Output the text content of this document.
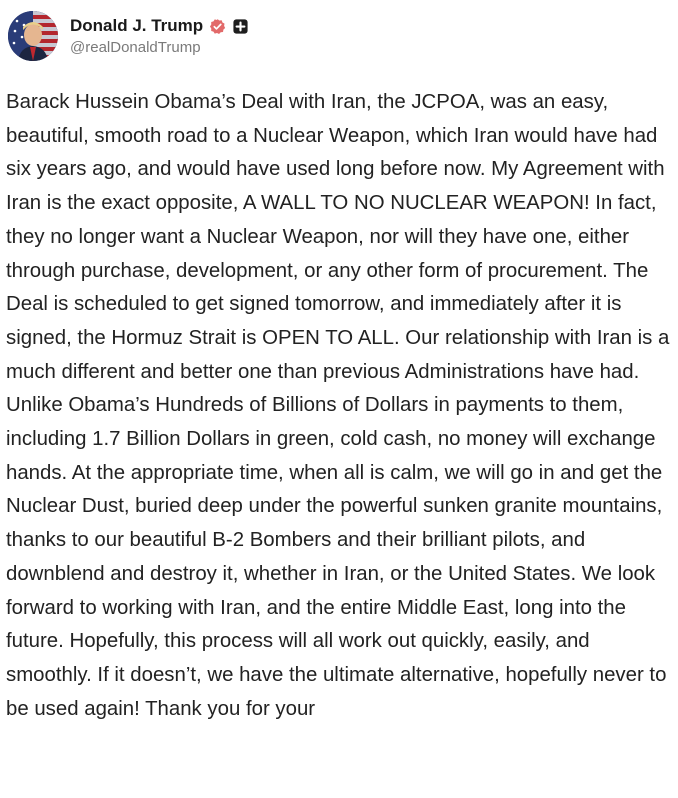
Donald J. Trump
@realDonaldTrump

Barack Hussein Obama’s Deal with Iran, the JCPOA, was an easy, beautiful, smooth road to a Nuclear Weapon, which Iran would have had six years ago, and would have used long before now. My Agreement with Iran is the exact opposite, A WALL TO NO NUCLEAR WEAPON! In fact, they no longer want a Nuclear Weapon, nor will they have one, either through purchase, development, or any other form of procurement. The Deal is scheduled to get signed tomorrow, and immediately after it is signed, the Hormuz Strait is OPEN TO ALL. Our relationship with Iran is a much different and better one than previous Administrations have had. Unlike Obama’s Hundreds of Billions of Dollars in payments to them, including 1.7 Billion Dollars in green, cold cash, no money will exchange hands. At the appropriate time, when all is calm, we will go in and get the Nuclear Dust, buried deep under the powerful sunken granite mountains, thanks to our beautiful B-2 Bombers and their brilliant pilots, and downblend and destroy it, whether in Iran, or the United States. We look forward to working with Iran, and the entire Middle East, long into the future. Hopefully, this process will all work out quickly, easily, and smoothly. If it doesn’t, we have the ultimate alternative, hopefully never to be used again! Thank you for your
